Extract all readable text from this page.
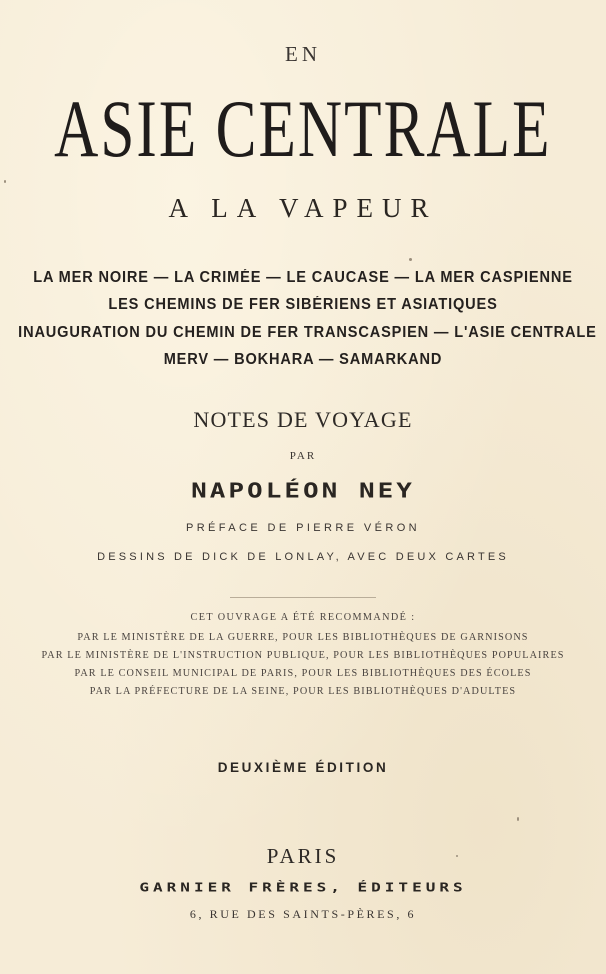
EN

ASIE CENTRALE

A LA VAPEUR

LA MER NOIRE — LA CRIMÉE — LE CAUCASE — LA MER CASPIENNE

LES CHEMINS DE FER SIBÉRIENS ET ASIATIQUES

INAUGURATION DU CHEMIN DE FER TRANSCASPIEN — L'ASIE CENTRALE

MERV — BOKHARA — SAMARKAND

NOTES DE VOYAGE

PAR

NAPOLÉON NEY

PRÉFACE DE PIERRE VÉRON

DESSINS DE DICK DE LONLAY, AVEC DEUX CARTES

CET OUVRAGE A ÉTÉ RECOMMANDÉ :

PAR LE MINISTÈRE DE LA GUERRE, POUR LES BIBLIOTHÈQUES DE GARNISONS

PAR LE MINISTÈRE DE L'INSTRUCTION PUBLIQUE, POUR LES BIBLIOTHÈQUES POPULAIRES

PAR LE CONSEIL MUNICIPAL DE PARIS, POUR LES BIBLIOTHÈQUES DES ÉCOLES

PAR LA PRÉFECTURE DE LA SEINE, POUR LES BIBLIOTHÈQUES D'ADULTES

DEUXIÈME ÉDITION

PARIS

GARNIER FRÈRES, ÉDITEURS

6, RUE DES SAINTS-PÈRES, 6
